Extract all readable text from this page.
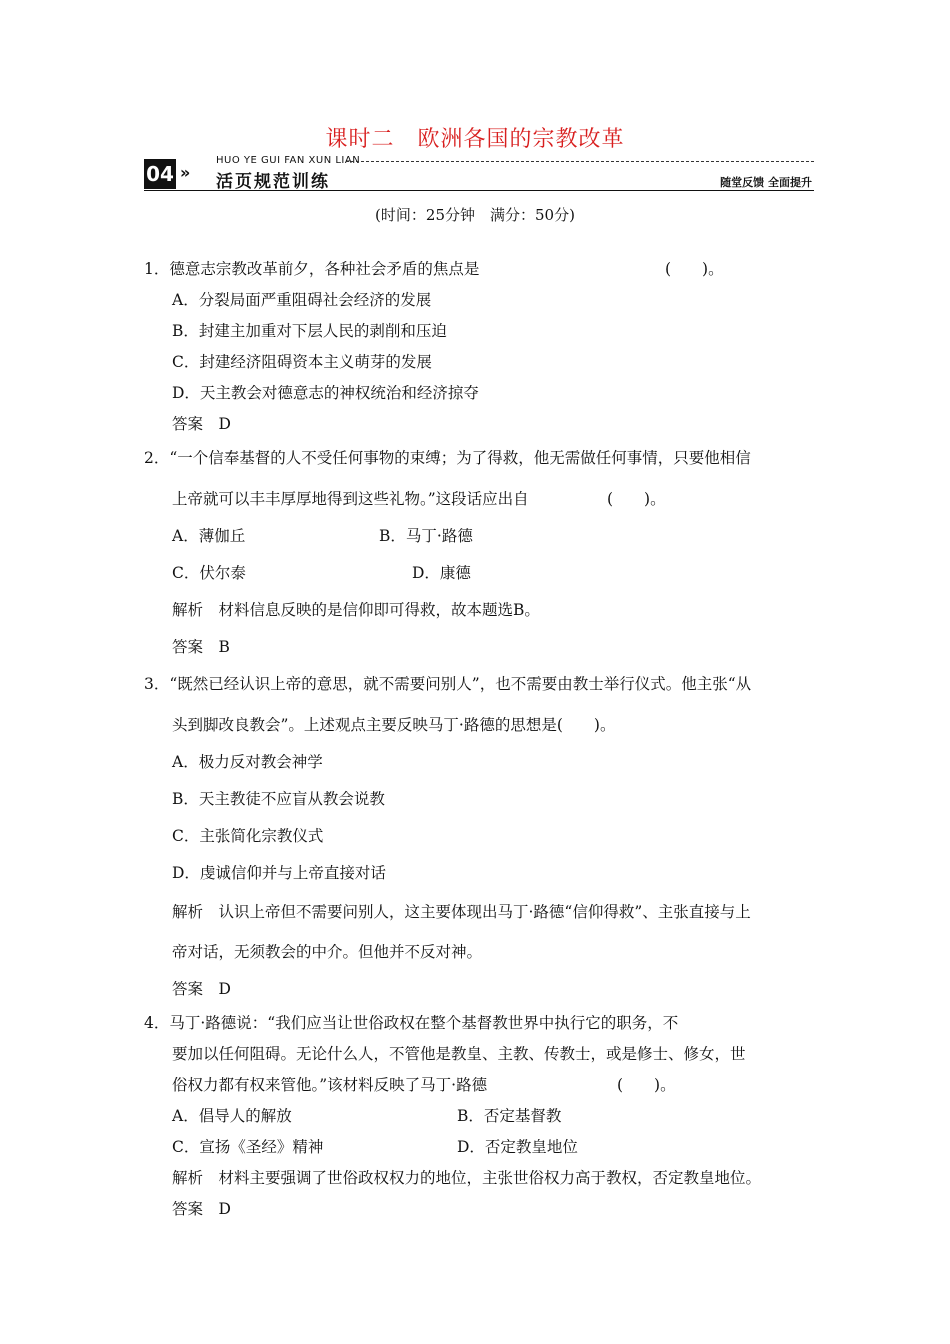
课时二　欧洲各国的宗教改革
04 »
HUO YE GUI FAN XUN LIAN
活页规范训练	随堂反馈 全面提升
(时间：25分钟　满分：50分)
1．德意志宗教改革前夕，各种社会矛盾的焦点是	(　　)。
A．分裂局面严重阻碍社会经济的发展
B．封建主加重对下层人民的剥削和压迫
C．封建经济阻碍资本主义萌芽的发展
D．天主教会对德意志的神权统治和经济掠夺
答案　D
2．“一个信奉基督的人不受任何事物的束缚；为了得救，他无需做任何事情，只要他相信
上帝就可以丰丰厚厚地得到这些礼物。”这段话应出自	(　　)。
A．薄伽丘	B．马丁·路德
C．伏尔泰	D．康德
解析　材料信息反映的是信仰即可得救，故本题选B。
答案　B
3．“既然已经认识上帝的意思，就不需要问别人”，也不需要由教士举行仪式。他主张“从
头到脚改良教会”。上述观点主要反映马丁·路德的思想是(　　)。
A．极力反对教会神学
B．天主教徒不应盲从教会说教
C．主张简化宗教仪式
D．虔诚信仰并与上帝直接对话
解析　认识上帝但不需要问别人，这主要体现出马丁·路德“信仰得救”、主张直接与上
帝对话，无须教会的中介。但他并不反对神。
答案　D
4．马丁·路德说：“我们应当让世俗政权在整个基督教世界中执行它的职务，不
要加以任何阻碍。无论什么人，不管他是教皇、主教、传教士，或是修士、修女，世
俗权力都有权来管他。”该材料反映了马丁·路德	(　　)。
A．倡导人的解放	B．否定基督教
C．宣扬《圣经》精神	D．否定教皇地位
解析　材料主要强调了世俗政权权力的地位，主张世俗权力高于教权，否定教皇地位。
答案　D
